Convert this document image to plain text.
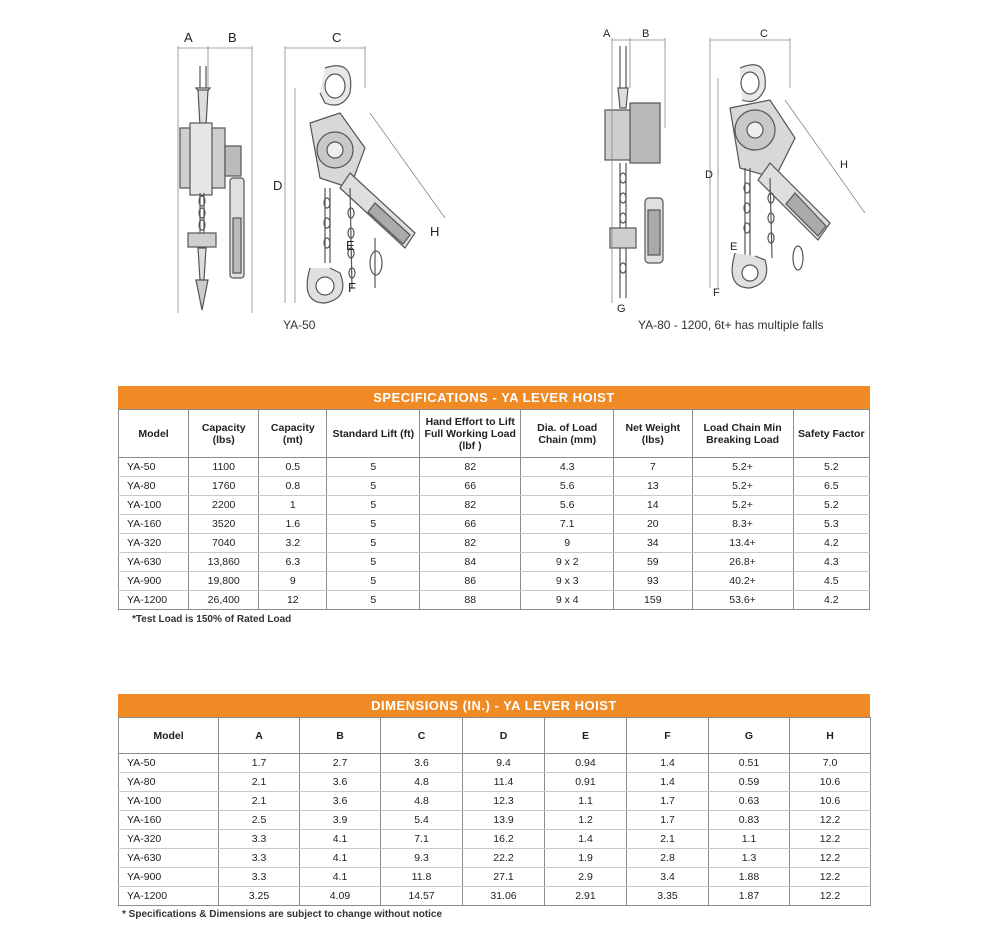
A	B	C
D
E
F
H
YA-50
A	B	C
D
E
F
G
H
YA-80 - 1200, 6t+ has multiple falls
SPECIFICATIONS - YA LEVER HOIST
Model	Capacity (lbs)	Capacity (mt)	Standard Lift (ft)	Hand Effort to Lift Full Working Load (lbf )	Dia. of Load Chain (mm)	Net Weight (lbs)	Load Chain Min Breaking Load	Safety Factor
YA-50	1100	0.5	5	82	4.3	7	5.2+	5.2
YA-80	1760	0.8	5	66	5.6	13	5.2+	6.5
YA-100	2200	1	5	82	5.6	14	5.2+	5.2
YA-160	3520	1.6	5	66	7.1	20	8.3+	5.3
YA-320	7040	3.2	5	82	9	34	13.4+	4.2
YA-630	13,860	6.3	5	84	9 x 2	59	26.8+	4.3
YA-900	19,800	9	5	86	9 x 3	93	40.2+	4.5
YA-1200	26,400	12	5	88	9 x 4	159	53.6+	4.2
*Test Load is 150% of Rated Load
DIMENSIONS (IN.) - YA LEVER HOIST
Model	A	B	C	D	E	F	G	H
YA-50	1.7	2.7	3.6	9.4	0.94	1.4	0.51	7.0
YA-80	2.1	3.6	4.8	11.4	0.91	1.4	0.59	10.6
YA-100	2.1	3.6	4.8	12.3	1.1	1.7	0.63	10.6
YA-160	2.5	3.9	5.4	13.9	1.2	1.7	0.83	12.2
YA-320	3.3	4.1	7.1	16.2	1.4	2.1	1.1	12.2
YA-630	3.3	4.1	9.3	22.2	1.9	2.8	1.3	12.2
YA-900	3.3	4.1	11.8	27.1	2.9	3.4	1.88	12.2
YA-1200	3.25	4.09	14.57	31.06	2.91	3.35	1.87	12.2
* Specifications & Dimensions are subject to change without notice
